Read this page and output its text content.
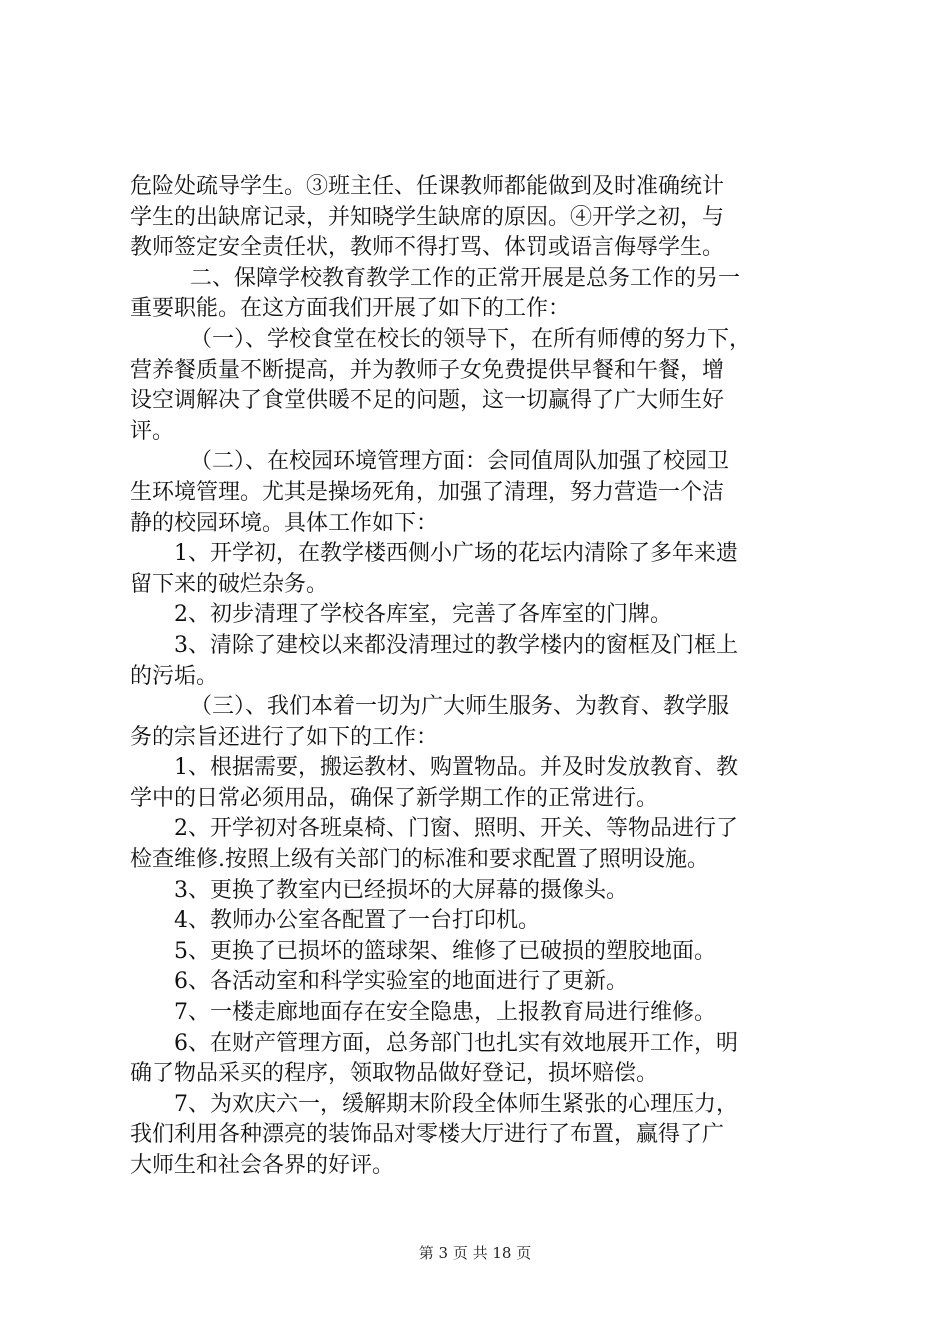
危险处疏导学生。③班主任、任课教师都能做到及时准确统计
学生的出缺席记录，并知晓学生缺席的原因。④开学之初，与
教师签定安全责任状，教师不得打骂、体罚或语言侮辱学生。
二、保障学校教育教学工作的正常开展是总务工作的另一
重要职能。在这方面我们开展了如下的工作：
（一）、学校食堂在校长的领导下，在所有师傅的努力下，
营养餐质量不断提高，并为教师子女免费提供早餐和午餐，增
设空调解决了食堂供暖不足的问题，这一切赢得了广大师生好
评。
（二）、在校园环境管理方面：会同值周队加强了校园卫
生环境管理。尤其是操场死角，加强了清理，努力营造一个洁
静的校园环境。具体工作如下：
1、开学初，在教学楼西侧小广场的花坛内清除了多年来遗
留下来的破烂杂务。
2、初步清理了学校各库室，完善了各库室的门牌。
3、清除了建校以来都没清理过的教学楼内的窗框及门框上
的污垢。
（三）、我们本着一切为广大师生服务、为教育、教学服
务的宗旨还进行了如下的工作：
1、根据需要，搬运教材、购置物品。并及时发放教育、教
学中的日常必须用品，确保了新学期工作的正常进行。
2、开学初对各班桌椅、门窗、照明、开关、等物品进行了
检查维修.按照上级有关部门的标准和要求配置了照明设施。
3、更换了教室内已经损坏的大屏幕的摄像头。
4、教师办公室各配置了一台打印机。
5、更换了已损坏的篮球架、维修了已破损的塑胶地面。
6、各活动室和科学实验室的地面进行了更新。
7、一楼走廊地面存在安全隐患，上报教育局进行维修。
6、在财产管理方面，总务部门也扎实有效地展开工作，明
确了物品采买的程序，领取物品做好登记，损坏赔偿。
7、为欢庆六一，缓解期末阶段全体师生紧张的心理压力，
我们利用各种漂亮的装饰品对零楼大厅进行了布置，赢得了广
大师生和社会各界的好评。
第 3 页 共 18 页
